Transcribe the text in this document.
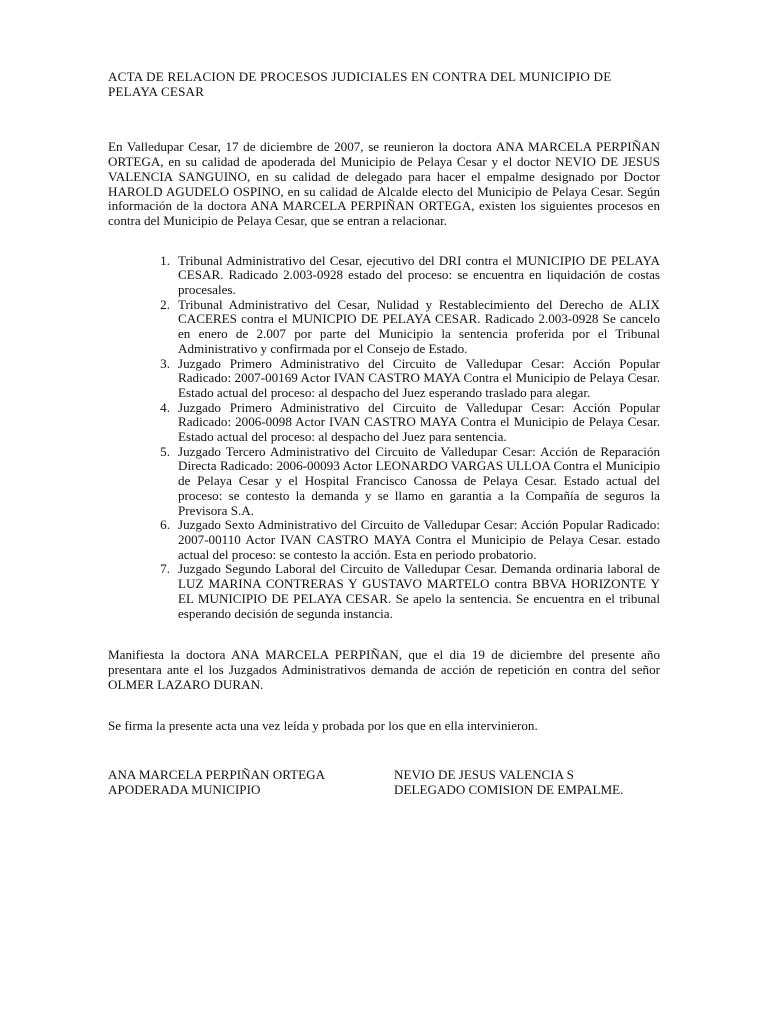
ACTA DE RELACION DE PROCESOS JUDICIALES EN CONTRA DEL MUNICIPIO DE PELAYA CESAR

En Valledupar Cesar, 17 de diciembre de 2007, se reunieron la doctora ANA MARCELA PERPIÑAN ORTEGA, en su calidad de apoderada del Municipio de Pelaya Cesar y el doctor NEVIO DE JESUS VALENCIA SANGUINO, en su calidad de delegado para hacer el empalme designado por Doctor HAROLD AGUDELO OSPINO, en su calidad de Alcalde electo del Municipio de Pelaya Cesar. Según información de la doctora ANA MARCELA PERPIÑAN ORTEGA, existen los siguientes procesos en contra del Municipio de Pelaya Cesar, que se entran a relacionar.

1. Tribunal Administrativo del Cesar, ejecutivo del DRI contra el MUNICIPIO DE PELAYA CESAR. Radicado 2.003-0928 estado del proceso: se encuentra en liquidación de costas procesales.
2. Tribunal Administrativo del Cesar, Nulidad y Restablecimiento del Derecho de ALIX CACERES contra el MUNICPIO DE PELAYA CESAR. Radicado 2.003-0928 Se cancelo en enero de 2.007 por parte del Municipio la sentencia proferida por el Tribunal Administrativo y confirmada por el Consejo de Estado.
3. Juzgado Primero Administrativo del Circuito de Valledupar Cesar: Acción Popular Radicado: 2007-00169 Actor IVAN CASTRO MAYA Contra el Municipio de Pelaya Cesar. Estado actual del proceso: al despacho del Juez esperando traslado para alegar.
4. Juzgado Primero Administrativo del Circuito de Valledupar Cesar: Acción Popular Radicado: 2006-0098 Actor IVAN CASTRO MAYA Contra el Municipio de Pelaya Cesar. Estado actual del proceso: al despacho del Juez para sentencia.
5. Juzgado Tercero Administrativo del Circuito de Valledupar Cesar: Acción de Reparación Directa Radicado: 2006-00093 Actor LEONARDO VARGAS ULLOA Contra el Municipio de Pelaya Cesar y el Hospital Francisco Canossa de Pelaya Cesar. Estado actual del proceso: se contesto la demanda y se llamo en garantia a la Compañía de seguros la Previsora S.A.
6. Juzgado Sexto Administrativo del Circuito de Valledupar Cesar: Acción Popular Radicado: 2007-00110 Actor IVAN CASTRO MAYA Contra el Municipio de Pelaya Cesar. estado actual del proceso: se contesto la acción. Esta en periodo probatorio.
7. Juzgado Segundo Laboral del Circuito de Valledupar Cesar. Demanda ordinaria laboral de LUZ MARINA CONTRERAS Y GUSTAVO MARTELO contra BBVA HORIZONTE Y EL MUNICIPIO DE PELAYA CESAR. Se apelo la sentencia. Se encuentra en el tribunal esperando decisión de segunda instancia.

Manifiesta la doctora ANA MARCELA PERPIÑAN, que el dia 19 de diciembre del presente año presentara ante el los Juzgados Administrativos demanda de acción de repetición en contra del señor OLMER LAZARO DURAN.

Se firma la presente acta una vez leída y probada por los que en ella intervinieron.

ANA MARCELA PERPIÑAN ORTEGA
APODERADA MUNICIPIO
NEVIO DE JESUS VALENCIA S
DELEGADO COMISION DE EMPALME.
